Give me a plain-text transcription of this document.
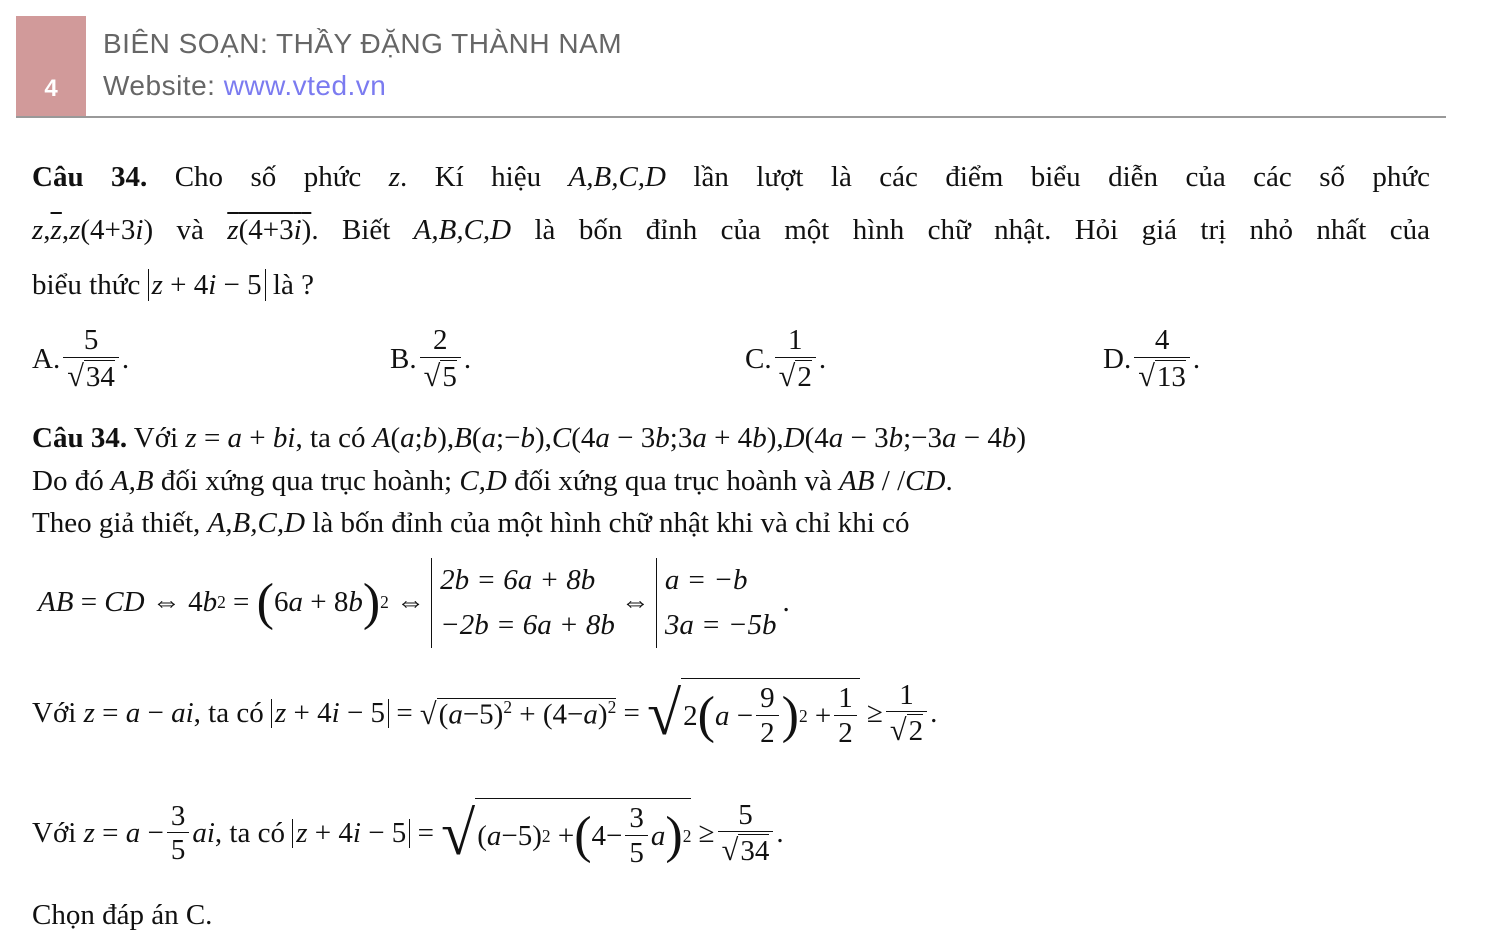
4
BIÊN SOẠN: THẦY ĐẶNG THÀNH NAM
Website: www.vted.vn
Câu 34. Cho số phức z. Kí hiệu A,B,C,D lần lượt là các điểm biểu diễn của các số phức
$z,\overline{z},z(4+3i)$ và z(4+3i). Biết A,B,C,D là bốn đỉnh của một hình chữ nhật. Hỏi giá trị nhỏ nhất của
biểu thức z + 4i − 5 là ?
A.
5
√34
.	B.
2
√5
.	C.
1
√2
.	D.
4
√13
.
Câu 34. Với z = a + bi, ta có A(a;b),B(a;−b),C(4a − 3b;3a + 4b),D(4a − 3b;−3a − 4b)
Do đó A,B đối xứng qua trục hoành; C,D đối xứng qua trục hoành và AB / /CD.
Theo giả thiết, A,B,C,D là bốn đỉnh của một hình chữ nhật khi và chỉ khi có
AB = CD ⇔ 4 b 2 = ( 6 a + 8 b ) 2 ⇔
2b = 6a + 8b
−2b = 6a + 8b
⇔
a = −b
3a = −5b
.
Với z = a − ai , ta có z + 4i − 5 = √ $(a-5)^2 + (4-a)^2$ = √ 2 ( a −
9
2 ) 2 +
1
2
≥
1
√2
.
Với z = a −
3
5
ai , ta có z + 4i − 5 = √ ( a −5) 2 + ( 4−
3
5
a ) 2 ≥
5
√34
.
Chọn đáp án C.
